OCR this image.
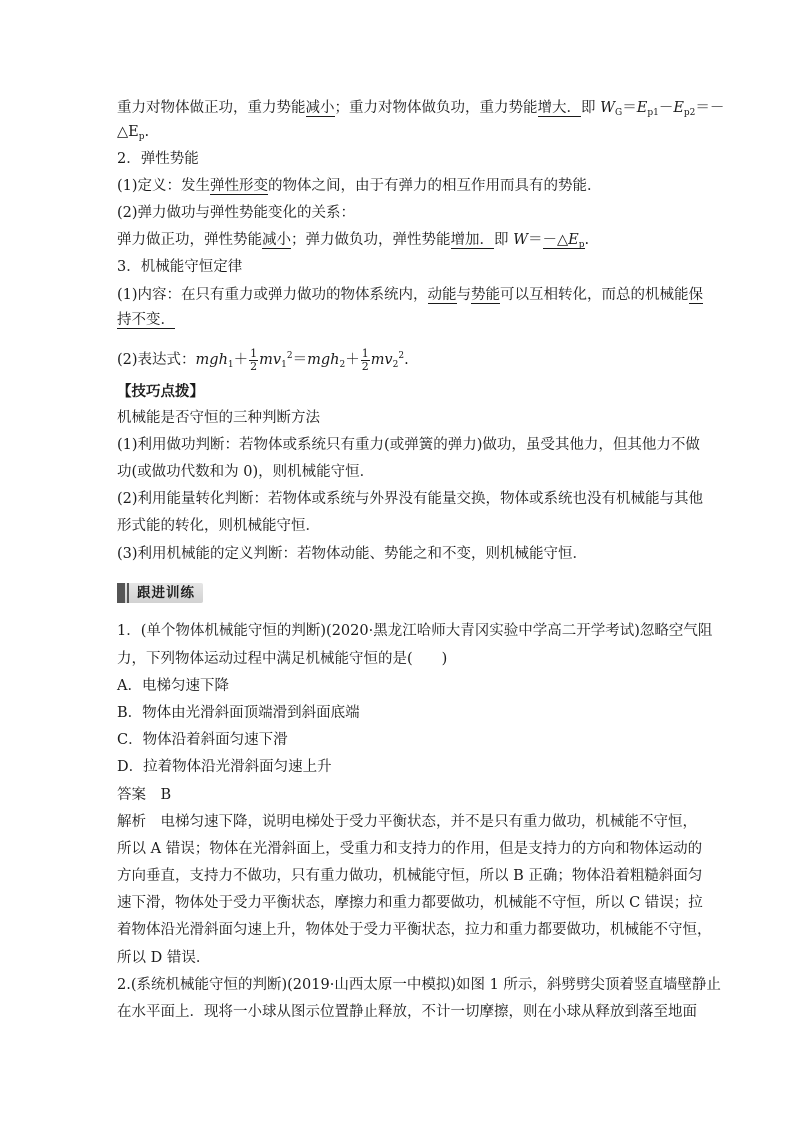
重力对物体做正功，重力势能减小；重力对物体做负功，重力势能增大．即 $W_G=E_{p1}-E_{p2}=-$
$\triangle E_p$.
2．弹性势能
(1)定义：发生弹性形变的物体之间，由于有弹力的相互作用而具有的势能．
(2)弹力做功与弹性势能变化的关系：
弹力做正功，弹性势能减小；弹力做负功，弹性势能增加．即 $W=-\triangle E_p$.
3．机械能守恒定律
(1)内容：在只有重力或弹力做功的物体系统内，动能与势能可以互相转化，而总的机械能保
持不变．
(2)表达式：$mgh_1+ \frac{1}{2} mv_1^2=mgh_2+ \frac{1}{2} mv_2^2$.
【技巧点拨】
机械能是否守恒的三种判断方法
(1)利用做功判断：若物体或系统只有重力(或弹簧的弹力)做功，虽受其他力，但其他力不做
功(或做功代数和为 0)，则机械能守恒．
(2)利用能量转化判断：若物体或系统与外界没有能量交换，物体或系统也没有机械能与其他
形式能的转化，则机械能守恒．
(3)利用机械能的定义判断：若物体动能、势能之和不变，则机械能守恒．
跟进训练
1．(单个物体机械能守恒的判断)(2020·黑龙江哈师大青冈实验中学高二开学考试)忽略空气阻
力，下列物体运动过程中满足机械能守恒的是(　　)
A．电梯匀速下降
B．物体由光滑斜面顶端滑到斜面底端
C．物体沿着斜面匀速下滑
D．拉着物体沿光滑斜面匀速上升
答案　B
解析　电梯匀速下降，说明电梯处于受力平衡状态，并不是只有重力做功，机械能不守恒，
所以 A 错误；物体在光滑斜面上，受重力和支持力的作用，但是支持力的方向和物体运动的
方向垂直，支持力不做功，只有重力做功，机械能守恒，所以 B 正确；物体沿着粗糙斜面匀
速下滑，物体处于受力平衡状态，摩擦力和重力都要做功，机械能不守恒，所以 C 错误；拉
着物体沿光滑斜面匀速上升，物体处于受力平衡状态，拉力和重力都要做功，机械能不守恒，
所以 D 错误．
2.(系统机械能守恒的判断)(2019·山西太原一中模拟)如图 1 所示，斜劈劈尖顶着竖直墙壁静止
在水平面上．现将一小球从图示位置静止释放，不计一切摩擦，则在小球从释放到落至地面
